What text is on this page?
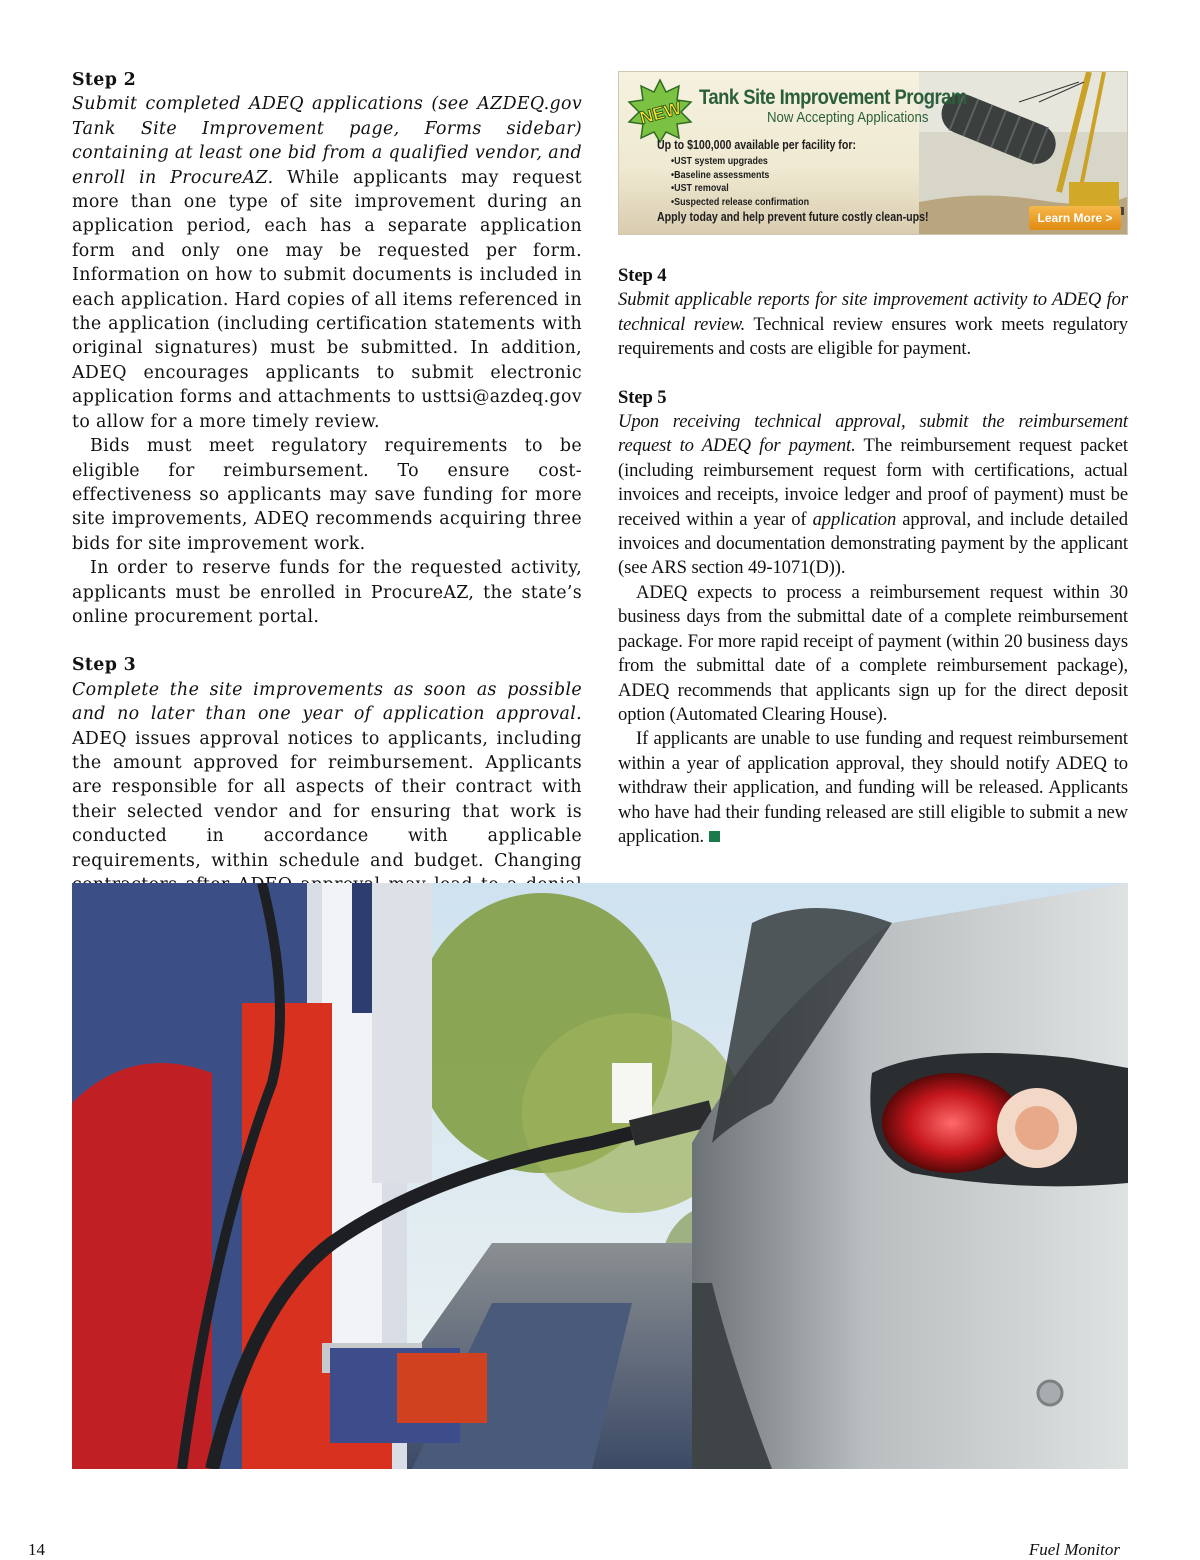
Step 2

Submit completed ADEQ applications (see AZDEQ.gov Tank Site Improvement page, Forms sidebar) containing at least one bid from a qualified vendor, and enroll in ProcureAZ. While applicants may request more than one type of site improvement during an application period, each has a separate application form and only one may be requested per form. Information on how to submit documents is included in each application. Hard copies of all items referenced in the application (including certification statements with original signatures) must be submitted. In addition, ADEQ encourages applicants to submit electronic application forms and attachments to usttsi@azdeq.gov to allow for a more timely review.

Bids must meet regulatory requirements to be eligible for reimbursement. To ensure cost-effectiveness so applicants may save funding for more site improvements, ADEQ recommends acquiring three bids for site improvement work.

In order to reserve funds for the requested activity, applicants must be enrolled in ProcureAZ, the state’s online procurement portal.

Step 3

Complete the site improvements as soon as possible and no later than one year of application approval. ADEQ issues approval notices to applicants, including the amount approved for reimbursement. Applicants are responsible for all aspects of their contract with their selected vendor and for ensuring that work is conducted in accordance with applicable requirements, within schedule and budget. Changing

NEW
Tank Site Improvement Program
Now Accepting Applications
Up to $100,000 available per facility for:
• UST system upgrades
• Baseline assessments
• UST removal
• Suspected release confirmation
Apply today and help prevent future costly clean-ups!	Learn More >
Step 4

Submit applicable reports for site improvement activity to ADEQ for technical review. Technical review ensures work meets regulatory requirements and costs are eligible for payment.

Step 5

Upon receiving technical approval, submit the reimbursement request to ADEQ for payment. The reimbursement request packet (including reimbursement request form with certifications, actual invoices and receipts, invoice ledger and proof of payment) must be received within a year of application approval, and include detailed invoices and documentation demonstrating payment by the applicant (see ARS section 49-1071(D)).

ADEQ expects to process a reimbursement request within 30 business days from the submittal date of a complete reimbursement package. For more rapid receipt of payment (within 20 business days from the submittal date of a complete reimbursement package), ADEQ recommends that applicants sign up for the direct deposit option (Automated Clearing House).

If applicants are unable to use funding and request reimbursement within a year of application approval, they should notify ADEQ to withdraw their application, and funding will be released. Applicants who have had their funding released are still eligible to submit a new application.

14	Fuel Monitor
